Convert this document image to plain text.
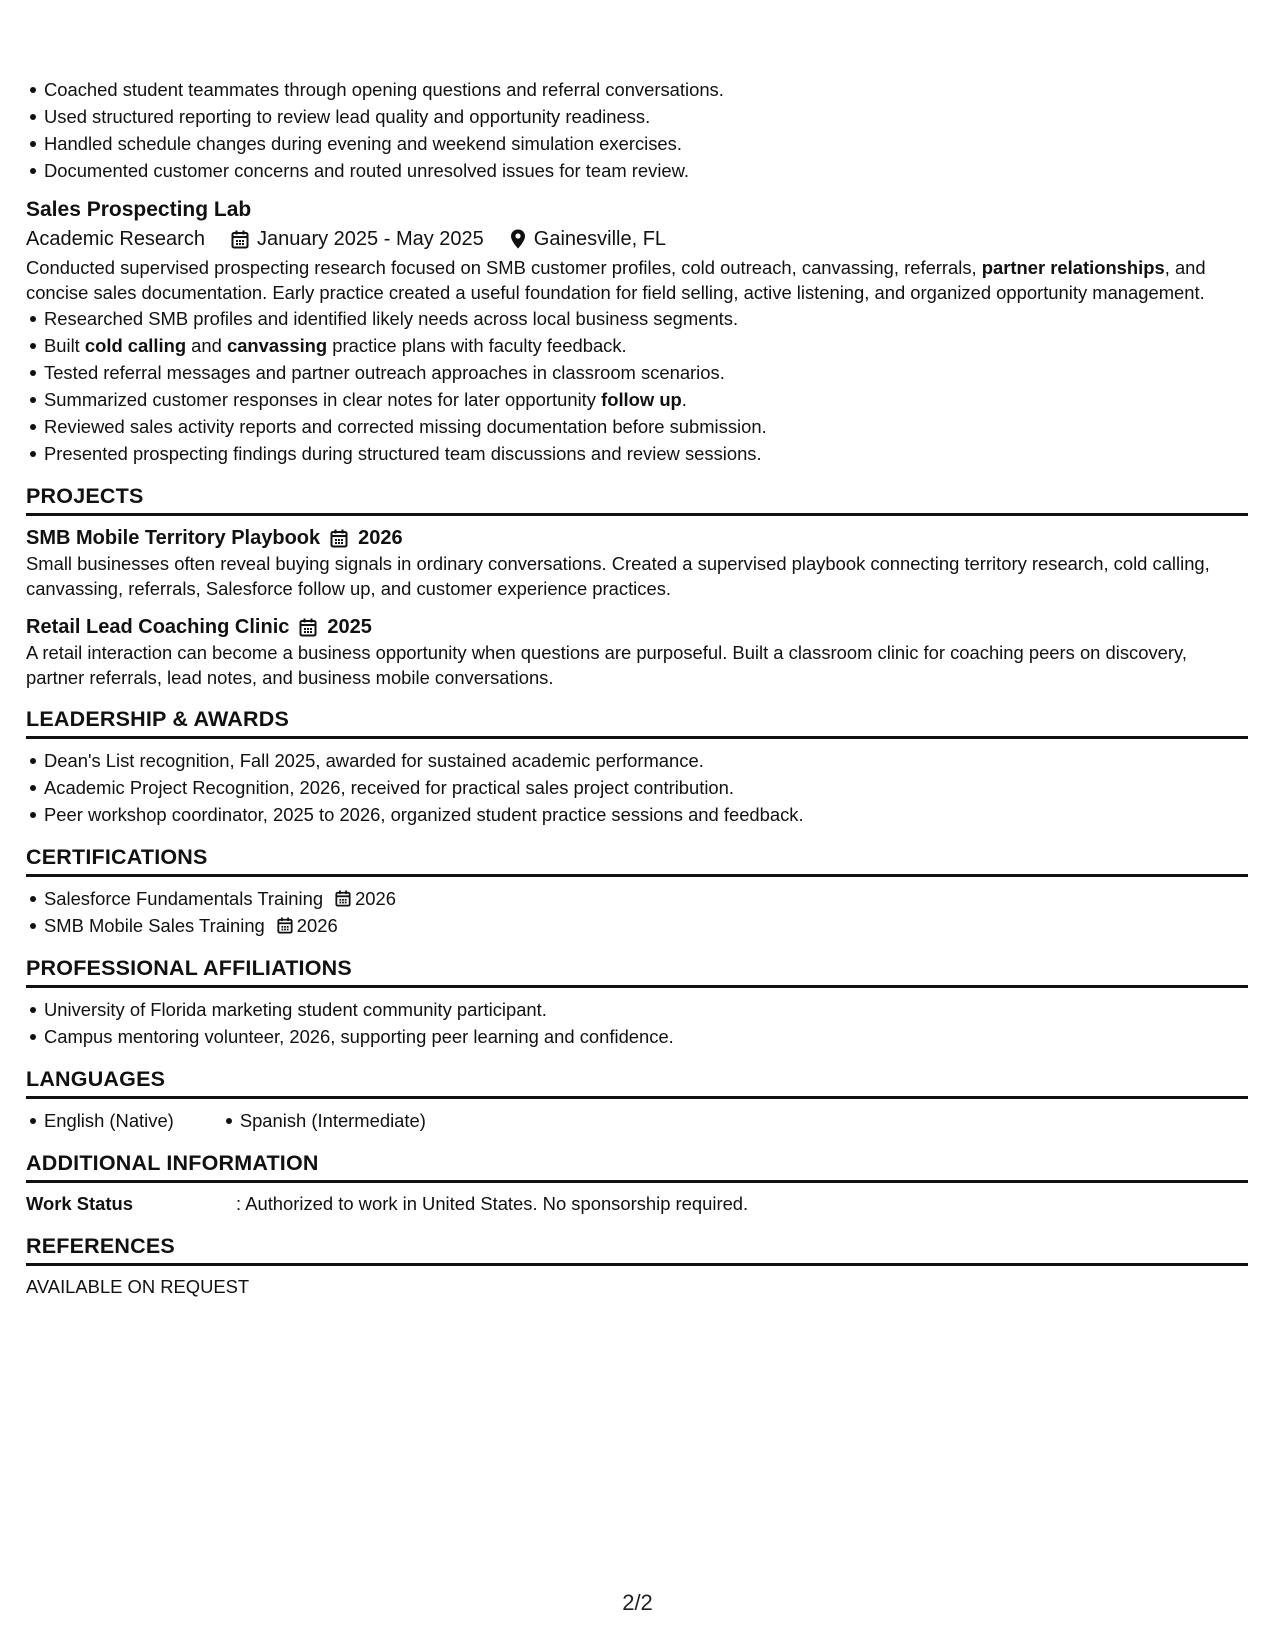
Coached student teammates through opening questions and referral conversations.
Used structured reporting to review lead quality and opportunity readiness.
Handled schedule changes during evening and weekend simulation exercises.
Documented customer concerns and routed unresolved issues for team review.

Sales Prospecting Lab

Academic Research	January 2025 - May 2025	Gainesville, FL

Conducted supervised prospecting research focused on SMB customer profiles, cold outreach, canvassing, referrals, partner relationships, and concise sales documentation. Early practice created a useful foundation for field selling, active listening, and organized opportunity management.

Researched SMB profiles and identified likely needs across local business segments.
Built cold calling and canvassing practice plans with faculty feedback.
Tested referral messages and partner outreach approaches in classroom scenarios.
Summarized customer responses in clear notes for later opportunity follow up.
Reviewed sales activity reports and corrected missing documentation before submission.
Presented prospecting findings during structured team discussions and review sessions.

PROJECTS

SMB Mobile Territory Playbook 2026

Small businesses often reveal buying signals in ordinary conversations. Created a supervised playbook connecting territory research, cold calling, canvassing, referrals, Salesforce follow up, and customer experience practices.

Retail Lead Coaching Clinic 2025

A retail interaction can become a business opportunity when questions are purposeful. Built a classroom clinic for coaching peers on discovery, partner referrals, lead notes, and business mobile conversations.

LEADERSHIP & AWARDS

Dean's List recognition, Fall 2025, awarded for sustained academic performance.
Academic Project Recognition, 2026, received for practical sales project contribution.
Peer workshop coordinator, 2025 to 2026, organized student practice sessions and feedback.

CERTIFICATIONS

Salesforce Fundamentals Training 2026
SMB Mobile Sales Training 2026

PROFESSIONAL AFFILIATIONS

University of Florida marketing student community participant.
Campus mentoring volunteer, 2026, supporting peer learning and confidence.

LANGUAGES

English (Native)	Spanish (Intermediate)

ADDITIONAL INFORMATION

Work Status	: Authorized to work in United States. No sponsorship required.

REFERENCES

AVAILABLE ON REQUEST
2/2
